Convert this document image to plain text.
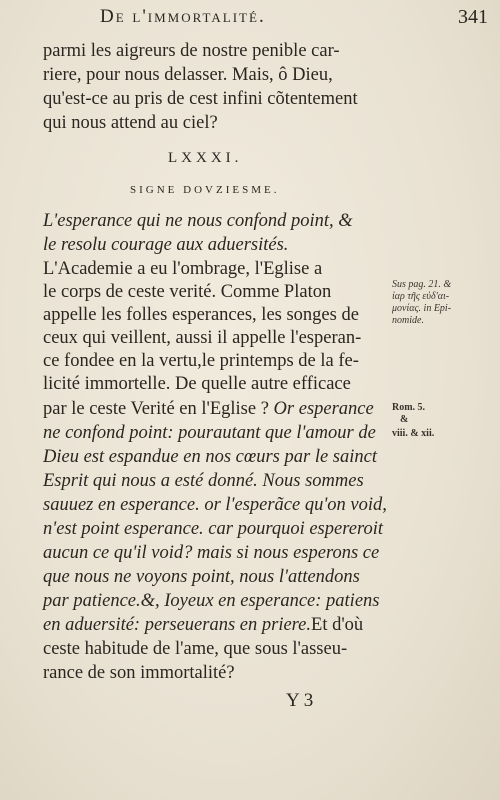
De l'immortalité.	341
parmi les aigreurs de nostre penible car-
riere, pour nous delasser. Mais, ô Dieu,
qu'est-ce au pris de cest infini cõtentement
qui nous attend au ciel?
LXXXI.
SIGNE DOVZIESME.
L'esperance qui ne nous confond point, &
le resolu courage aux aduersités.
L'Academie a eu l'ombrage, l'Eglise a
le corps de ceste verité. Comme Platon
appelle les folles esperances, les songes de
ceux qui veillent, aussi il appelle l'esperan-
ce fondee en la vertu,le printemps de la fe-
licité immortelle. De quelle autre efficace
par le ceste Verité en l'Eglise ? Or esperance
ne confond point: pourautant que l'amour de
Dieu est espandue en nos cœurs par le sainct
Esprit qui nous a esté donné. Nous sommes
sauuez en esperance. or l'esperãce qu'on void,
n'est point esperance. car pourquoi espereroit
aucun ce qu'il void? mais si nous esperons ce
que nous ne voyons point, nous l'attendons
par patience.&, Ioyeux en esperance: patiens
en aduersité: perseuerans en priere.Et d'où
ceste habitude de l'ame, que sous l'asseu-
rance de son immortalité?
Y 3
Sus pag. 21. &
ἰαρ τῆς εὐδ'αι-
μονίας. in Epi-
nomide.
Rom. 5.
&
viii. & xii.
